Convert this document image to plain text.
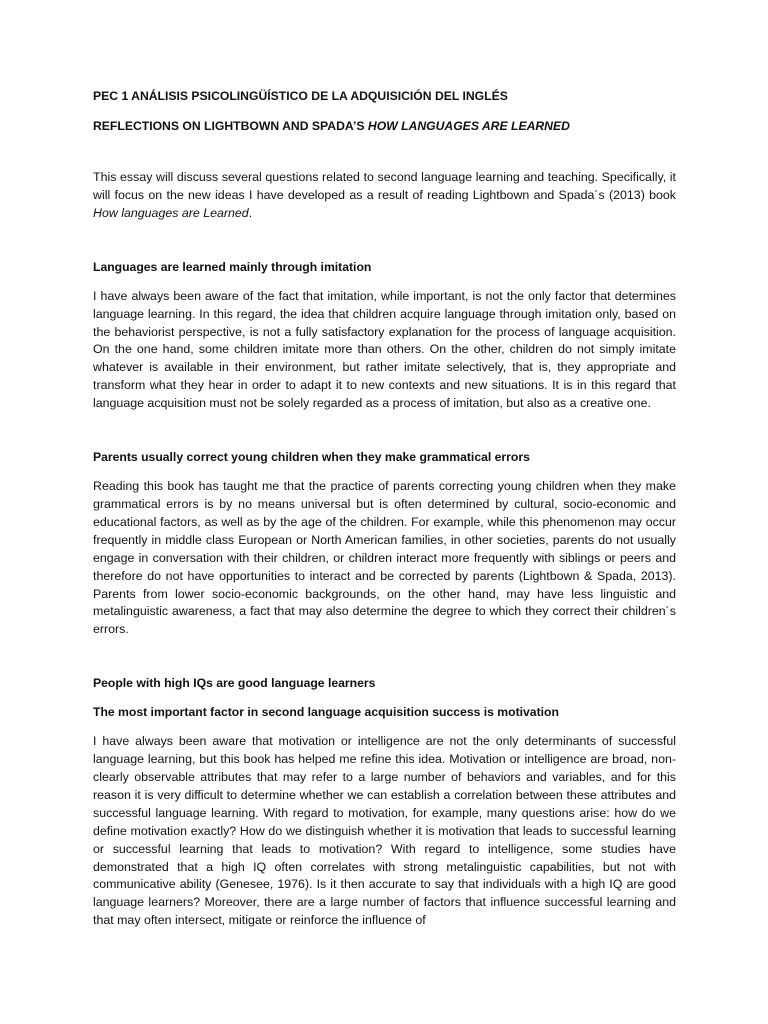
PEC 1 ANÁLISIS PSICOLINGÜÍSTICO DE LA ADQUISICIÓN DEL INGLÉS
REFLECTIONS ON LIGHTBOWN AND SPADA’S HOW LANGUAGES ARE LEARNED

This essay will discuss several questions related to second language learning and teaching. Specifically, it will focus on the new ideas I have developed as a result of reading Lightbown and Spada´s (2013) book How languages are Learned.

Languages are learned mainly through imitation

I have always been aware of the fact that imitation, while important, is not the only factor that determines language learning. In this regard, the idea that children acquire language through imitation only, based on the behaviorist perspective, is not a fully satisfactory explanation for the process of language acquisition. On the one hand, some children imitate more than others. On the other, children do not simply imitate whatever is available in their environment, but rather imitate selectively, that is, they appropriate and transform what they hear in order to adapt it to new contexts and new situations. It is in this regard that language acquisition must not be solely regarded as a process of imitation, but also as a creative one.

Parents usually correct young children when they make grammatical errors

Reading this book has taught me that the practice of parents correcting young children when they make grammatical errors is by no means universal but is often determined by cultural, socio-economic and educational factors, as well as by the age of the children. For example, while this phenomenon may occur frequently in middle class European or North American families, in other societies, parents do not usually engage in conversation with their children, or children interact more frequently with siblings or peers and therefore do not have opportunities to interact and be corrected by parents (Lightbown & Spada, 2013). Parents from lower socio-economic backgrounds, on the other hand, may have less linguistic and metalinguistic awareness, a fact that may also determine the degree to which they correct their children´s errors.

People with high IQs are good language learners
The most important factor in second language acquisition success is motivation

I have always been aware that motivation or intelligence are not the only determinants of successful language learning, but this book has helped me refine this idea. Motivation or intelligence are broad, non-clearly observable attributes that may refer to a large number of behaviors and variables, and for this reason it is very difficult to determine whether we can establish a correlation between these attributes and successful language learning. With regard to motivation, for example, many questions arise: how do we define motivation exactly? How do we distinguish whether it is motivation that leads to successful learning or successful learning that leads to motivation? With regard to intelligence, some studies have demonstrated that a high IQ often correlates with strong metalinguistic capabilities, but not with communicative ability (Genesee, 1976). Is it then accurate to say that individuals with a high IQ are good language learners? Moreover, there are a large number of factors that influence successful learning and that may often intersect, mitigate or reinforce the influence of
